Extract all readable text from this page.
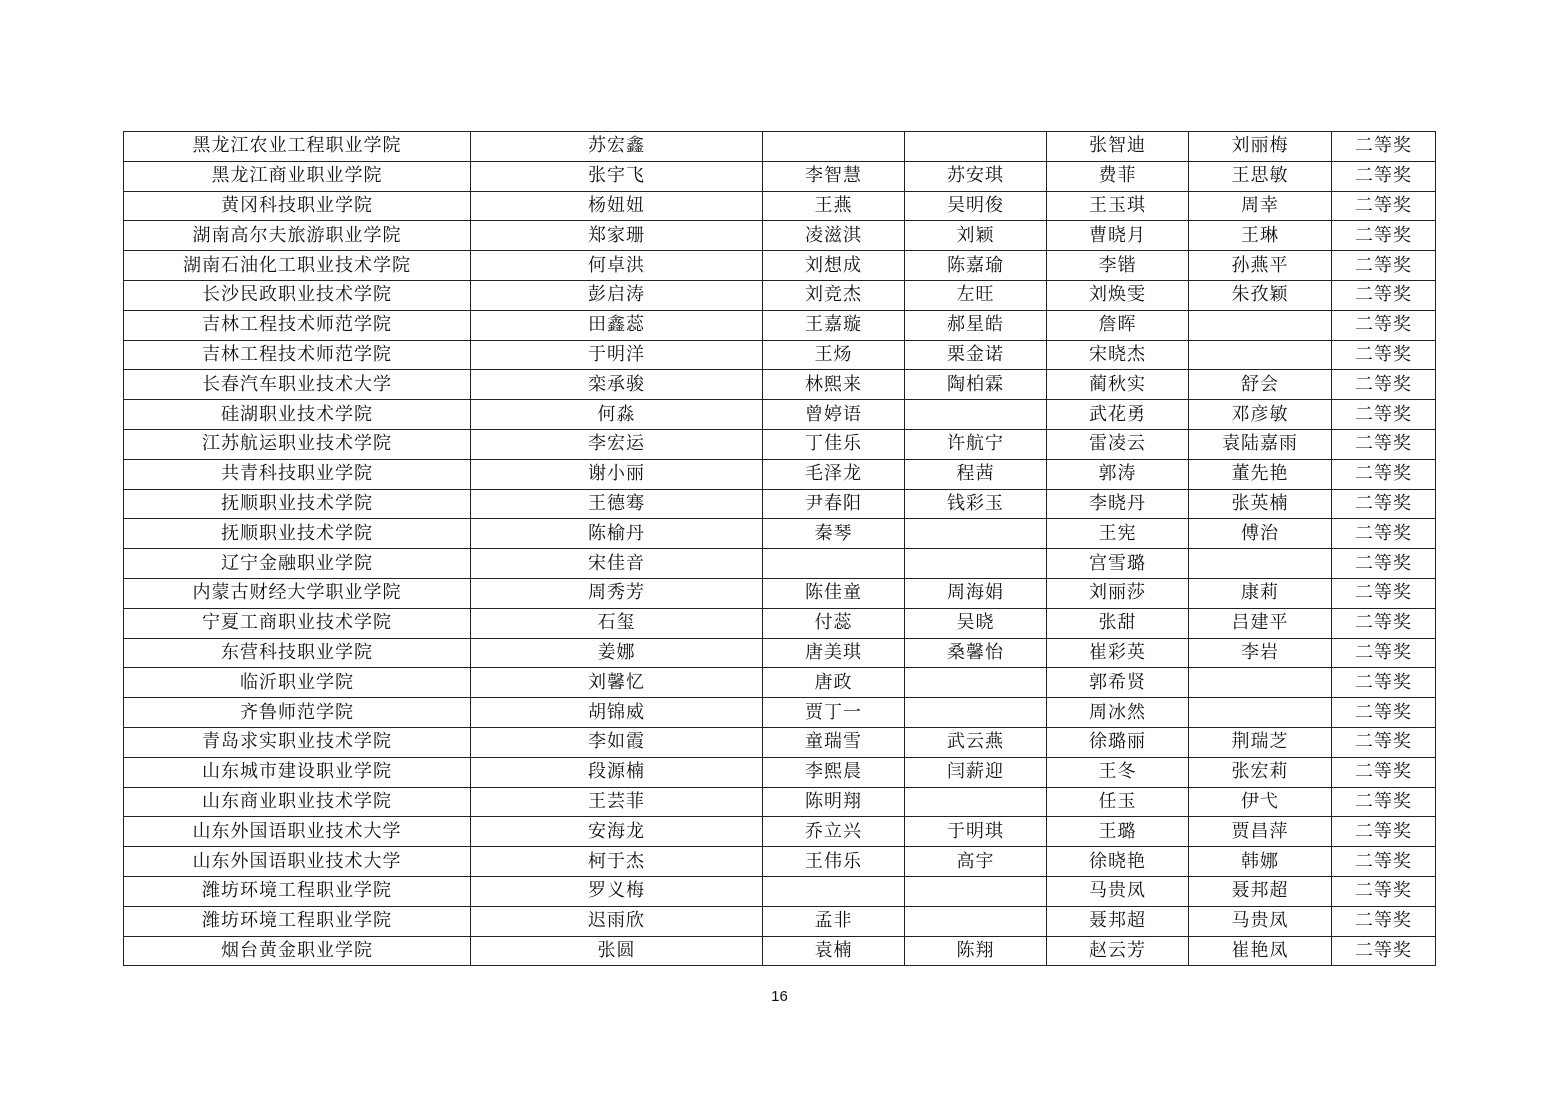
黑龙江农业工程职业学院	苏宏鑫			张智迪	刘丽梅	二等奖
黑龙江商业职业学院	张宇飞	李智慧	苏安琪	费菲	王思敏	二等奖
黄冈科技职业学院	杨妞妞	王燕	吴明俊	王玉琪	周幸	二等奖
湖南高尔夫旅游职业学院	郑家珊	凌滋淇	刘颖	曹晓月	王琳	二等奖
湖南石油化工职业技术学院	何卓洪	刘想成	陈嘉瑜	李锴	孙燕平	二等奖
长沙民政职业技术学院	彭启涛	刘竞杰	左旺	刘焕雯	朱孜颖	二等奖
吉林工程技术师范学院	田鑫蕊	王嘉璇	郝星皓	詹晖		二等奖
吉林工程技术师范学院	于明洋	王炀	栗金诺	宋晓杰		二等奖
长春汽车职业技术大学	栾承骏	林熙来	陶柏霖	蔺秋实	舒会	二等奖
硅湖职业技术学院	何淼	曾婷语		武花勇	邓彦敏	二等奖
江苏航运职业技术学院	李宏运	丁佳乐	许航宁	雷凌云	袁陆嘉雨	二等奖
共青科技职业学院	谢小丽	毛泽龙	程茜	郭涛	董先艳	二等奖
抚顺职业技术学院	王德骞	尹春阳	钱彩玉	李晓丹	张英楠	二等奖
抚顺职业技术学院	陈榆丹	秦琴		王宪	傅治	二等奖
辽宁金融职业学院	宋佳音			宫雪璐		二等奖
内蒙古财经大学职业学院	周秀芳	陈佳童	周海娟	刘丽莎	康莉	二等奖
宁夏工商职业技术学院	石玺	付蕊	吴晓	张甜	吕建平	二等奖
东营科技职业学院	姜娜	唐美琪	桑馨怡	崔彩英	李岩	二等奖
临沂职业学院	刘馨忆	唐政		郭希贤		二等奖
齐鲁师范学院	胡锦威	贾丁一		周冰然		二等奖
青岛求实职业技术学院	李如霞	童瑞雪	武云燕	徐璐丽	荆瑞芝	二等奖
山东城市建设职业学院	段源楠	李熙晨	闫薪迎	王冬	张宏莉	二等奖
山东商业职业技术学院	王芸菲	陈明翔		任玉	伊弋	二等奖
山东外国语职业技术大学	安海龙	乔立兴	于明琪	王璐	贾昌萍	二等奖
山东外国语职业技术大学	柯于杰	王伟乐	高宇	徐晓艳	韩娜	二等奖
潍坊环境工程职业学院	罗义梅			马贵凤	聂邦超	二等奖
潍坊环境工程职业学院	迟雨欣	孟非		聂邦超	马贵凤	二等奖
烟台黄金职业学院	张圆	袁楠	陈翔	赵云芳	崔艳凤	二等奖
16
